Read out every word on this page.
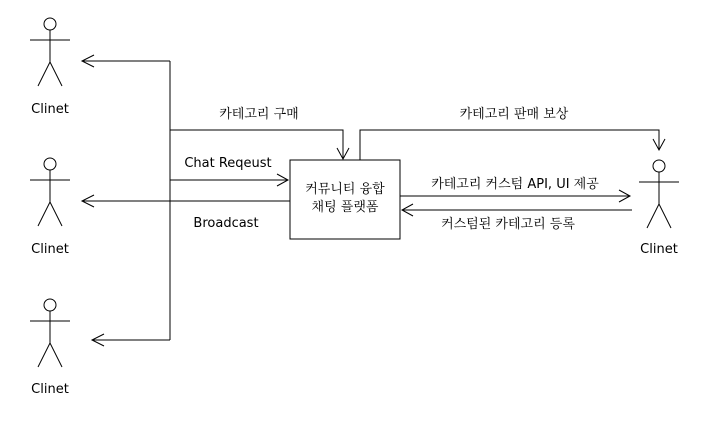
Clinet
Clinet
Clinet
Clinet
커뮤니티 융합
채팅 플랫폼
카테고리 구매
Chat Reqeust
Broadcast
카테고리 판매 보상
카테고리 커스텀 API, UI 제공
커스텀된 카테고리 등록
